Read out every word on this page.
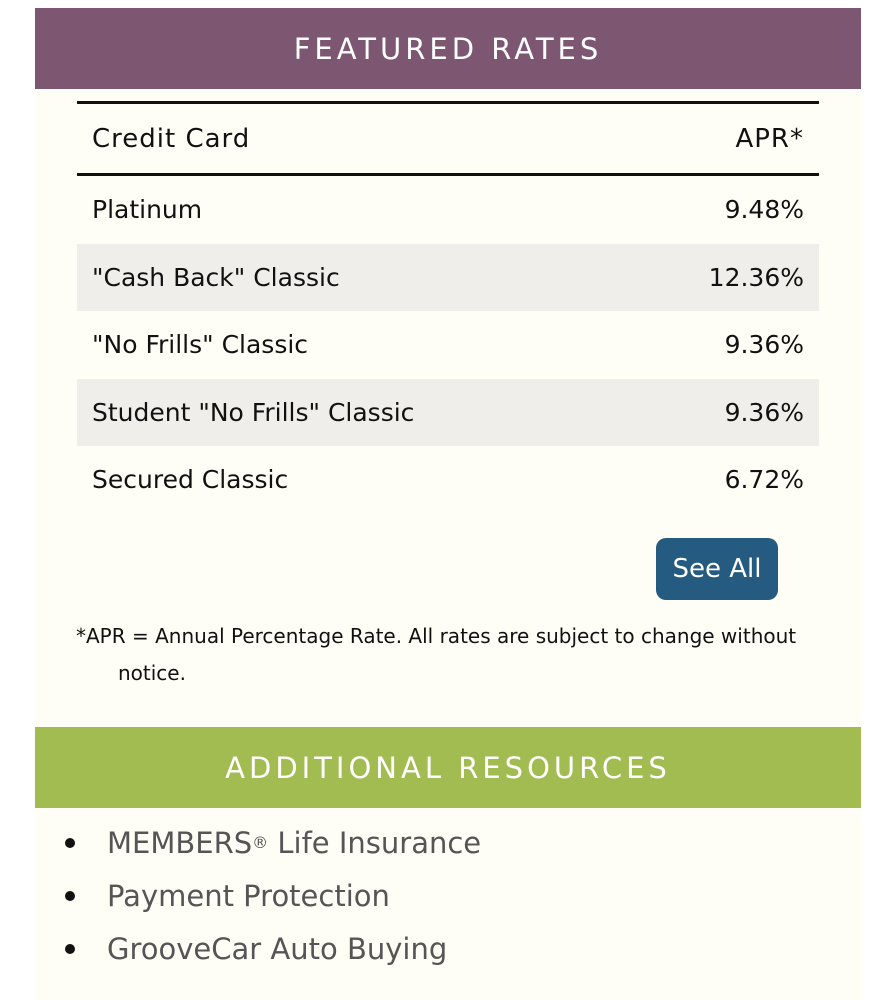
FEATURED RATES
Credit Card	APR*
Platinum	9.48%
"Cash Back" Classic	12.36%
"No Frills" Classic	9.36%
Student "No Frills" Classic	9.36%
Secured Classic	6.72%
See All
*APR = Annual Percentage Rate. All rates are subject to change without notice.
ADDITIONAL RESOURCES
MEMBERS ® Life Insurance
Payment Protection
GrooveCar Auto Buying
